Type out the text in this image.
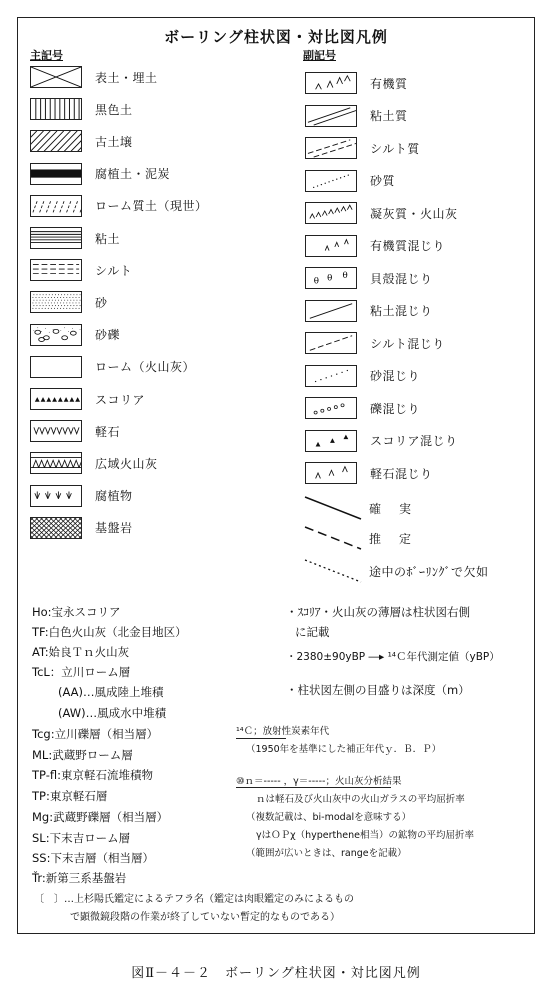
ボーリング柱状図・対比図凡例
主記号	副記号
表土・埋土
黒色土
古土壌
腐植土・泥炭
ローム質土（現世）
粘土
シルト
砂
砂礫
ローム（火山灰）
スコリア
軽石
広域火山灰
腐植物
基盤岩
有機質
粘土質
シルト質
砂質
凝灰質・火山灰
有機質混じり
θ θ θ 貝殻混じり
粘土混じり
シルト混じり
砂混じり
礫混じり
スコリア混じり
軽石混じり
確　実
推　定
途中のﾎﾞｰﾘﾝｸﾞで欠如
Ho:宝永スコリア
TF:白色火山灰（北金目地区）
AT:姶良Ｔｎ火山灰
TcL：立川ローム層
(AA)…風成陸上堆積
(AW)…風成水中堆積
Tcg:立川礫層（相当層）
ML:武蔵野ローム層
TP-fl:東京軽石流堆積物
TP:東京軽石層
Mg:武蔵野礫層（相当層）
SL:下末吉ローム層
SS:下末吉層（相当層）
Ťr:新第三系基盤岩
・ｽｺﾘｱ・火山灰の薄層は柱状図右側
に記載
・2380±90yBP ―▸ ¹⁴Ｃ年代測定値（yBP）
・柱状図左側の目盛りは深度（m）
¹⁴Ｃ；放射性炭素年代
（1950年を基準にした補正年代ｙ．Ｂ．Ｐ）
⑩ｎ＝‐‐‐‐‐ ，γ＝‐‐‐‐‐；火山灰分析結果
ｎは軽石及び火山灰中の火山ガラスの平均屈折率
（複数記載は、bi-modalを意味する）
γはＯＰχ（hyperthene相当）の鉱物の平均屈折率
（範囲が広いときは、rangeを記載）
〔　〕…上杉陽氏鑑定によるテフラ名（鑑定は肉眼鑑定のみによるもの
で顕微鏡段階の作業が終了していない暫定的なものである）
図Ⅱ－４－２　ボーリング柱状図・対比図凡例
